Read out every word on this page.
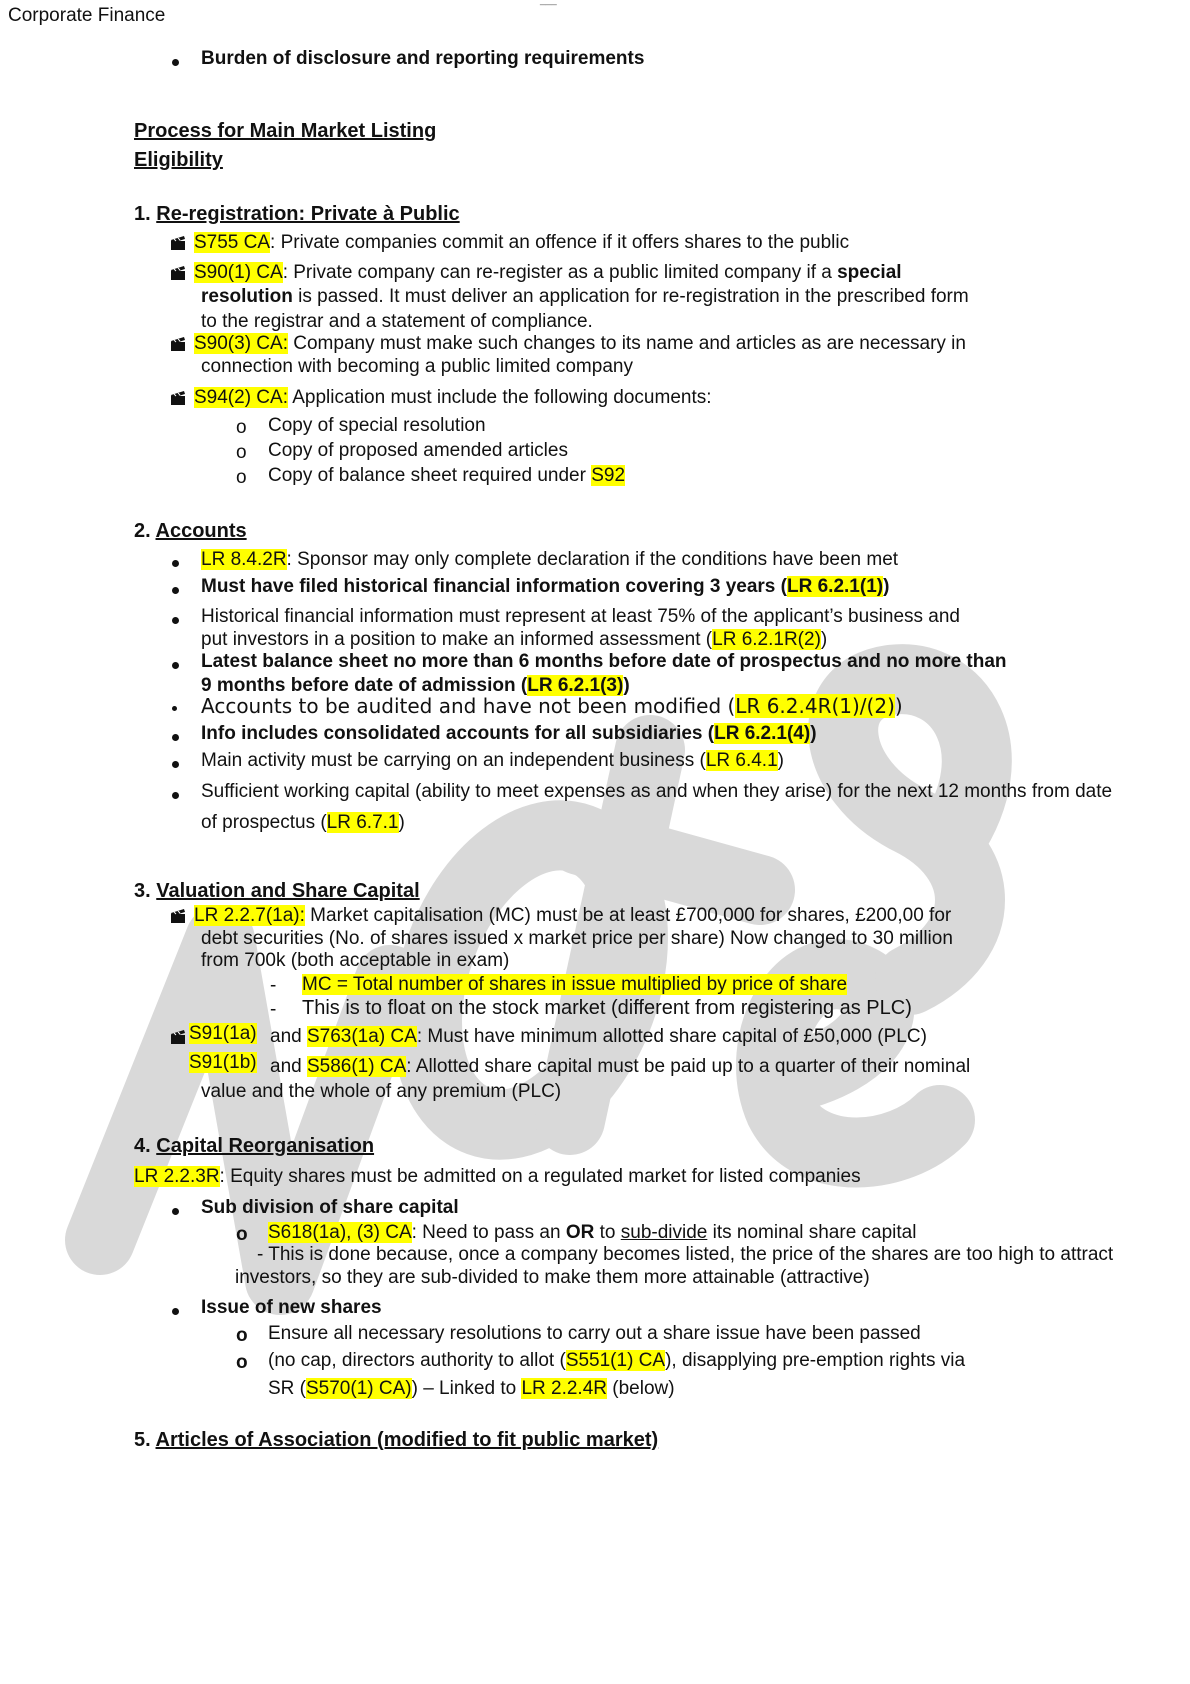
Corporate Finance
___
Burden of disclosure and reporting requirements
Process for Main Market Listing
Eligibility
1. Re-registration: Private à Public
S755 CA: Private companies commit an offence if it offers shares to the public
S90(1) CA: Private company can re-register as a public limited company if a special
resolution is passed. It must deliver an application for re-registration in the prescribed form
to the registrar and a statement of compliance.
S90(3) CA: Company must make such changes to its name and articles as are necessary in
connection with becoming a public limited company
S94(2) CA: Application must include the following documents:
o Copy of special resolution
o Copy of proposed amended articles
o Copy of balance sheet required under S92
2. Accounts
LR 8.4.2R: Sponsor may only complete declaration if the conditions have been met
Must have filed historical financial information covering 3 years (LR 6.2.1(1))
Historical financial information must represent at least 75% of the applicant’s business and
put investors in a position to make an informed assessment (LR 6.2.1R(2))
Latest balance sheet no more than 6 months before date of prospectus and no more than
9 months before date of admission (LR 6.2.1(3))
Accounts to be audited and have not been modified (LR 6.2.4R(1)/(2))
Info includes consolidated accounts for all subsidiaries (LR 6.2.1(4))
Main activity must be carrying on an independent business (LR 6.4.1)
Sufficient working capital (ability to meet expenses as and when they arise) for the next 12 months from date
of prospectus (LR 6.7.1)
3. Valuation and Share Capital
LR 2.2.7(1a): Market capitalisation (MC) must be at least £700,000 for shares, £200,00 for
debt securities (No. of shares issued x market price per share) Now changed to 30 million
from 700k (both acceptable in exam)
- MC = Total number of shares in issue multiplied by price of share
- This is to float on the stock market (different from registering as PLC)
S91(1a) and S763(1a) CA: Must have minimum allotted share capital of £50,000 (PLC)
S91(1b) and S586(1) CA: Allotted share capital must be paid up to a quarter of their nominal
value and the whole of any premium (PLC)
4. Capital Reorganisation
LR 2.2.3R: Equity shares must be admitted on a regulated market for listed companies
Sub division of share capital
o S618(1a), (3) CA: Need to pass an OR to sub-divide its nominal share capital
- This is done because, once a company becomes listed, the price of the shares are too high to attract
investors, so they are sub-divided to make them more attainable (attractive)
Issue of new shares
o Ensure all necessary resolutions to carry out a share issue have been passed
o (no cap, directors authority to allot (S551(1) CA), disapplying pre-emption rights via
SR (S570(1) CA)) – Linked to LR 2.2.4R (below)
5. Articles of Association (modified to fit public market)
